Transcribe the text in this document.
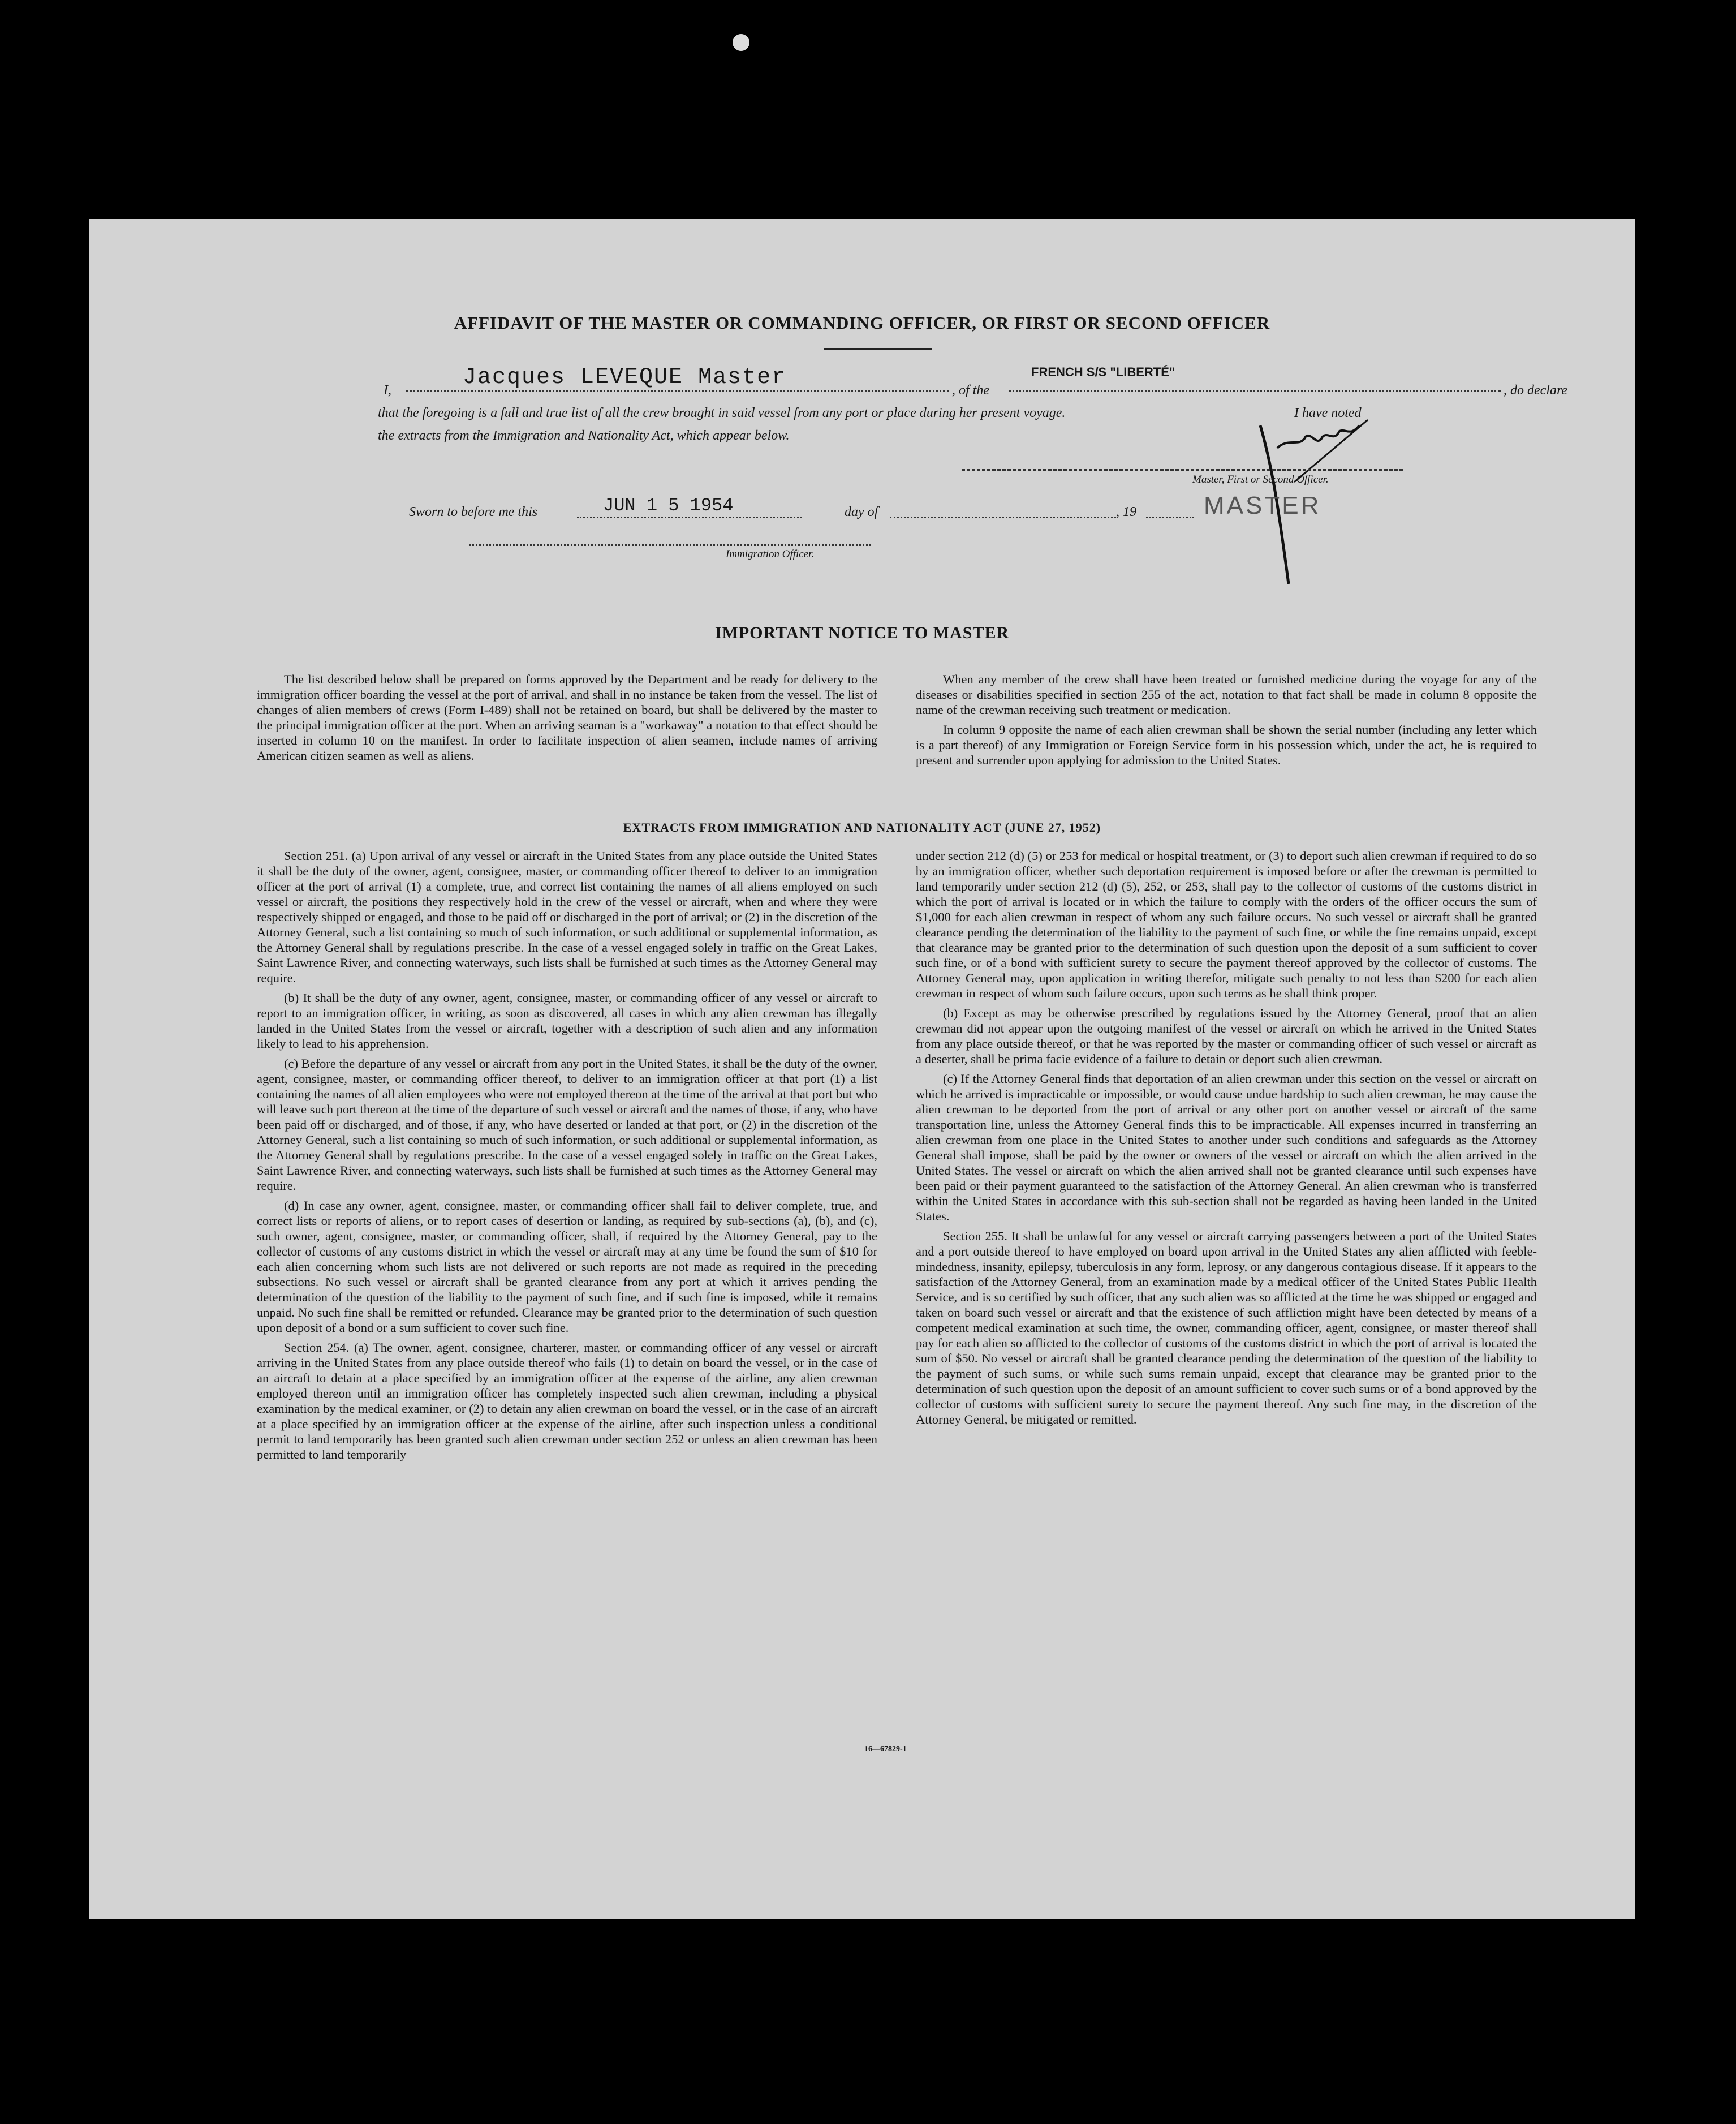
AFFIDAVIT OF THE MASTER OR COMMANDING OFFICER, OR FIRST OR SECOND OFFICER
I,	Jacques LEVEQUE Master	, of the
FRENCH S/S "LIBERTÉ"
, do declare
that the foregoing is a full and true list of all the crew brought in said vessel from any port or place during her present voyage.	I have noted
the extracts from the Immigration and Nationality Act, which appear below.
Master, First or Second Officer.
MASTER
Sworn to before me this	JUN 1 5 1954	day of	, 19
Immigration Officer.
IMPORTANT NOTICE TO MASTER

The list described below shall be prepared on forms approved by the Department and be ready for delivery to the immigration officer boarding the vessel at the port of arrival, and shall in no instance be taken from the vessel. The list of changes of alien members of crews (Form I-489) shall not be retained on board, but shall be delivered by the master to the principal immigration officer at the port. When an arriving seaman is a "workaway" a notation to that effect should be inserted in column 10 on the manifest. In order to facilitate inspection of alien seamen, include names of arriving American citizen seamen as well as aliens.

When any member of the crew shall have been treated or furnished medicine during the voyage for any of the diseases or disabilities specified in section 255 of the act, notation to that fact shall be made in column 8 opposite the name of the crewman receiving such treatment or medication.

In column 9 opposite the name of each alien crewman shall be shown the serial number (including any letter which is a part thereof) of any Immigration or Foreign Service form in his possession which, under the act, he is required to present and surrender upon applying for admission to the United States.

EXTRACTS FROM IMMIGRATION AND NATIONALITY ACT (JUNE 27, 1952)

Section 251. (a) Upon arrival of any vessel or aircraft in the United States from any place outside the United States it shall be the duty of the owner, agent, consignee, master, or commanding officer thereof to deliver to an immigration officer at the port of arrival (1) a complete, true, and correct list containing the names of all aliens employed on such vessel or aircraft, the positions they respectively hold in the crew of the vessel or aircraft, when and where they were respectively shipped or engaged, and those to be paid off or discharged in the port of arrival; or (2) in the discretion of the Attorney General, such a list containing so much of such information, or such additional or supplemental information, as the Attorney General shall by regulations prescribe. In the case of a vessel engaged solely in traffic on the Great Lakes, Saint Lawrence River, and connecting waterways, such lists shall be furnished at such times as the Attorney General may require.

(b) It shall be the duty of any owner, agent, consignee, master, or commanding officer of any vessel or aircraft to report to an immigration officer, in writing, as soon as discovered, all cases in which any alien crewman has illegally landed in the United States from the vessel or aircraft, together with a description of such alien and any information likely to lead to his apprehension.

(c) Before the departure of any vessel or aircraft from any port in the United States, it shall be the duty of the owner, agent, consignee, master, or commanding officer thereof, to deliver to an immigration officer at that port (1) a list containing the names of all alien employees who were not employed thereon at the time of the arrival at that port but who will leave such port thereon at the time of the departure of such vessel or aircraft and the names of those, if any, who have been paid off or discharged, and of those, if any, who have deserted or landed at that port, or (2) in the discretion of the Attorney General, such a list containing so much of such information, or such additional or supplemental information, as the Attorney General shall by regulations prescribe. In the case of a vessel engaged solely in traffic on the Great Lakes, Saint Lawrence River, and connecting waterways, such lists shall be furnished at such times as the Attorney General may require.

(d) In case any owner, agent, consignee, master, or commanding officer shall fail to deliver complete, true, and correct lists or reports of aliens, or to report cases of desertion or landing, as required by sub-sections (a), (b), and (c), such owner, agent, consignee, master, or commanding officer, shall, if required by the Attorney General, pay to the collector of customs of any customs district in which the vessel or aircraft may at any time be found the sum of $10 for each alien concerning whom such lists are not delivered or such reports are not made as required in the preceding subsections. No such vessel or aircraft shall be granted clearance from any port at which it arrives pending the determination of the question of the liability to the payment of such fine, and if such fine is imposed, while it remains unpaid. No such fine shall be remitted or refunded. Clearance may be granted prior to the determination of such question upon deposit of a bond or a sum sufficient to cover such fine.

Section 254. (a) The owner, agent, consignee, charterer, master, or commanding officer of any vessel or aircraft arriving in the United States from any place outside thereof who fails (1) to detain on board the vessel, or in the case of an aircraft to detain at a place specified by an immigration officer at the expense of the airline, any alien crewman employed thereon until an immigration officer has completely inspected such alien crewman, including a physical examination by the medical examiner, or (2) to detain any alien crewman on board the vessel, or in the case of an aircraft at a place specified by an immigration officer at the expense of the airline, after such inspection unless a conditional permit to land temporarily has been granted such alien crewman under section 252 or unless an alien crewman has been permitted to land temporarily

under section 212 (d) (5) or 253 for medical or hospital treatment, or (3) to deport such alien crewman if required to do so by an immigration officer, whether such deportation requirement is imposed before or after the crewman is permitted to land temporarily under section 212 (d) (5), 252, or 253, shall pay to the collector of customs of the customs district in which the port of arrival is located or in which the failure to comply with the orders of the officer occurs the sum of $1,000 for each alien crewman in respect of whom any such failure occurs. No such vessel or aircraft shall be granted clearance pending the determination of the liability to the payment of such fine, or while the fine remains unpaid, except that clearance may be granted prior to the determination of such question upon the deposit of a sum sufficient to cover such fine, or of a bond with sufficient surety to secure the payment thereof approved by the collector of customs. The Attorney General may, upon application in writing therefor, mitigate such penalty to not less than $200 for each alien crewman in respect of whom such failure occurs, upon such terms as he shall think proper.

(b) Except as may be otherwise prescribed by regulations issued by the Attorney General, proof that an alien crewman did not appear upon the outgoing manifest of the vessel or aircraft on which he arrived in the United States from any place outside thereof, or that he was reported by the master or commanding officer of such vessel or aircraft as a deserter, shall be prima facie evidence of a failure to detain or deport such alien crewman.

(c) If the Attorney General finds that deportation of an alien crewman under this section on the vessel or aircraft on which he arrived is impracticable or impossible, or would cause undue hardship to such alien crewman, he may cause the alien crewman to be deported from the port of arrival or any other port on another vessel or aircraft of the same transportation line, unless the Attorney General finds this to be impracticable. All expenses incurred in transferring an alien crewman from one place in the United States to another under such conditions and safeguards as the Attorney General shall impose, shall be paid by the owner or owners of the vessel or aircraft on which the alien arrived in the United States. The vessel or aircraft on which the alien arrived shall not be granted clearance until such expenses have been paid or their payment guaranteed to the satisfaction of the Attorney General. An alien crewman who is transferred within the United States in accordance with this sub-section shall not be regarded as having been landed in the United States.

Section 255. It shall be unlawful for any vessel or aircraft carrying passengers between a port of the United States and a port outside thereof to have employed on board upon arrival in the United States any alien afflicted with feeble-mindedness, insanity, epilepsy, tuberculosis in any form, leprosy, or any dangerous contagious disease. If it appears to the satisfaction of the Attorney General, from an examination made by a medical officer of the United States Public Health Service, and is so certified by such officer, that any such alien was so afflicted at the time he was shipped or engaged and taken on board such vessel or aircraft and that the existence of such affliction might have been detected by means of a competent medical examination at such time, the owner, commanding officer, agent, consignee, or master thereof shall pay for each alien so afflicted to the collector of customs of the customs district in which the port of arrival is located the sum of $50. No vessel or aircraft shall be granted clearance pending the determination of the question of the liability to the payment of such sums, or while such sums remain unpaid, except that clearance may be granted prior to the determination of such question upon the deposit of an amount sufficient to cover such sums or of a bond approved by the collector of customs with sufficient surety to secure the payment thereof. Any such fine may, in the discretion of the Attorney General, be mitigated or remitted.

16—67829-1
